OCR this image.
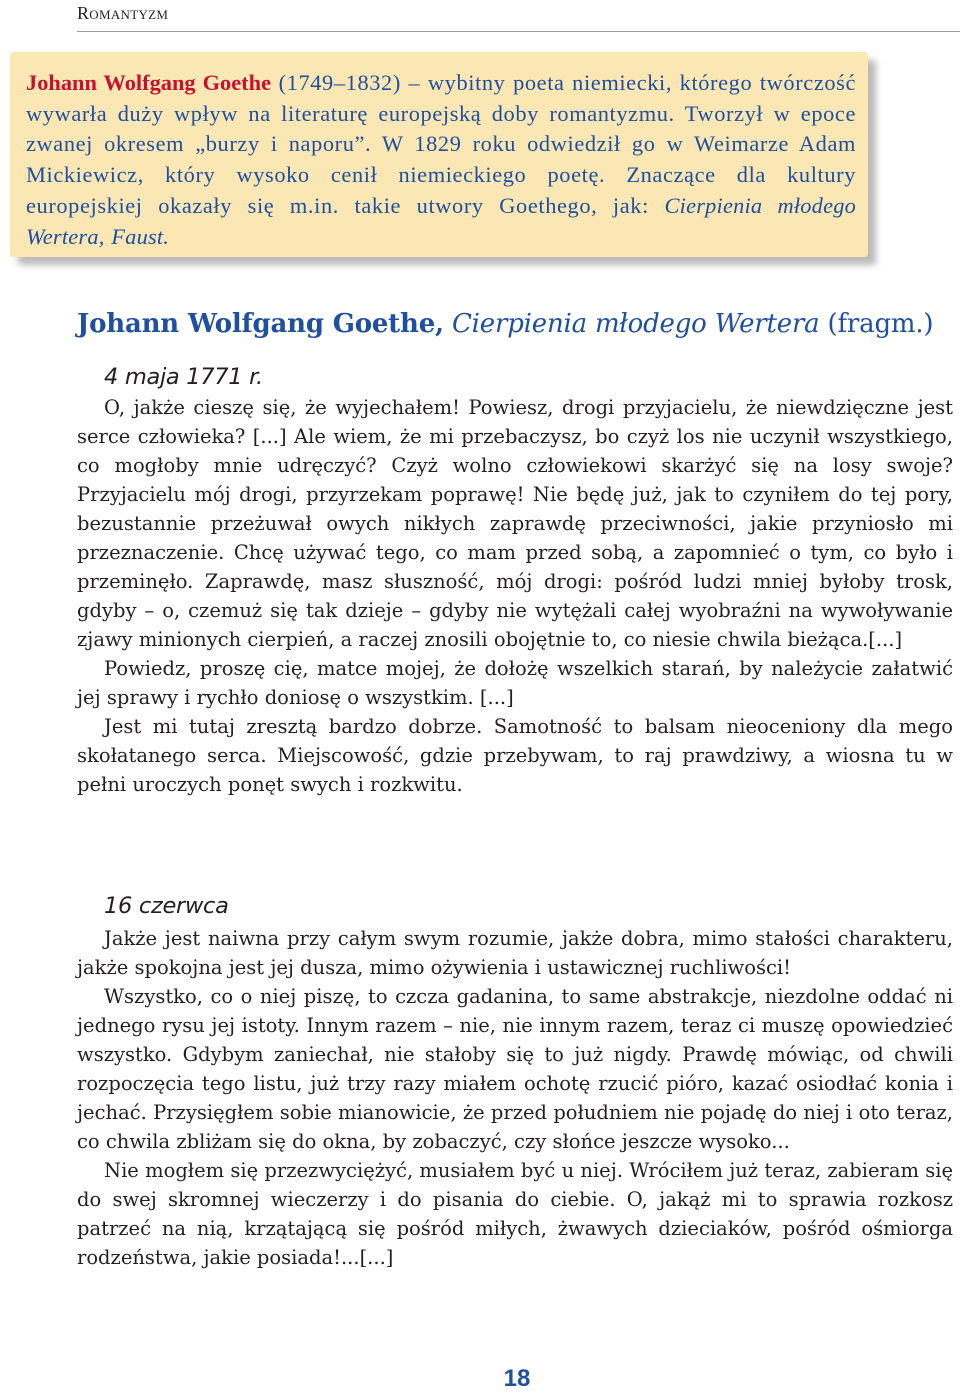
Romantyzm
Johann Wolfgang Goethe (1749–1832) – wybitny poeta niemiecki, którego twórczość wywarła duży wpływ na literaturę europejską doby romantyzmu. Tworzył w epoce zwanej okresem „burzy i naporu”. W 1829 roku odwiedził go w Weimarze Adam Mickiewicz, który wysoko cenił niemieckiego poetę. Znaczące dla kultury europejskiej okazały się m.in. takie utwory Goethego, jak: Cierpienia młodego Wertera, Faust.
Johann Wolfgang Goethe, Cierpienia młodego Wertera (fragm.)
4 maja 1771 r.

O, jakże cieszę się, że wyjechałem! Powiesz, drogi przyjacielu, że niewdzięczne jest serce człowieka? [...] Ale wiem, że mi przebaczysz, bo czyż los nie uczynił wszystkiego, co mogłoby mnie udręczyć? Czyż wolno człowiekowi skarżyć się na losy swoje? Przyjacielu mój drogi, przyrzekam poprawę! Nie będę już, jak to czyniłem do tej pory, bezustannie przeżuwał owych nikłych zaprawdę przeciwności, jakie przyniosło mi przeznaczenie. Chcę używać tego, co mam przed sobą, a zapomnieć o tym, co było i przeminęło. Zaprawdę, masz słuszność, mój drogi: pośród ludzi mniej byłoby trosk, gdyby – o, czemuż się tak dzieje – gdyby nie wytężali całej wyobraźni na wywoływanie zjawy minionych cierpień, a raczej znosili obojętnie to, co niesie chwila bieżąca.[...]

Powiedz, proszę cię, matce mojej, że dołożę wszelkich starań, by należycie załatwić jej sprawy i rychło doniosę o wszystkim. [...]

Jest mi tutaj zresztą bardzo dobrze. Samotność to balsam nieoceniony dla mego skołatanego serca. Miejscowość, gdzie przebywam, to raj prawdziwy, a wiosna tu w pełni uroczych ponęt swych i rozkwitu.

16 czerwca

Jakże jest naiwna przy całym swym rozumie, jakże dobra, mimo stałości charakteru, jakże spokojna jest jej dusza, mimo ożywienia i ustawicznej ruchliwości!

Wszystko, co o niej piszę, to czcza gadanina, to same abstrakcje, niezdolne oddać ni jednego rysu jej istoty. Innym razem – nie, nie innym razem, teraz ci muszę opowiedzieć wszystko. Gdybym zaniechał, nie stałoby się to już nigdy. Prawdę mówiąc, od chwili rozpoczęcia tego listu, już trzy razy miałem ochotę rzucić pióro, kazać osiodłać konia i jechać. Przysięgłem sobie mianowicie, że przed południem nie pojadę do niej i oto teraz, co chwila zbliżam się do okna, by zobaczyć, czy słońce jeszcze wysoko...

Nie mogłem się przezwyciężyć, musiałem być u niej. Wróciłem już teraz, zabieram się do swej skromnej wieczerzy i do pisania do ciebie. O, jakąż mi to sprawia rozkosz patrzeć na nią, krzątającą się pośród miłych, żwawych dzieciaków, pośród ośmiorga rodzeństwa, jakie posiada!...[...]

18
